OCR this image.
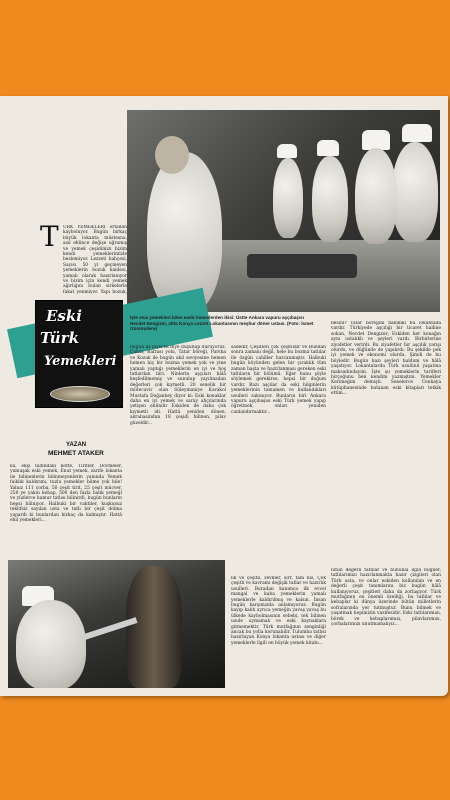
T ÜRK YEMEKLERİ ortadan kayboluyor. Bugün birkaç büyük lokanta müstesna, asıl ehlince değişe uğramış ve yemek çeşidimizi bizim kendi yemeklerimizle beslemiyor. Lezzeti bahçesi, Sayısı 50 yi geçmeyen yemeklerin bozuk kaidesi, yamalı olarak hazırlanıyor ve bizim için kendi yemek ağırlığını bulan sirkelerle fakat yenmiyor. Yapı bozuk,
Eski
Türk
Yemekleri
İşte esaı yemekleri bilen eadir kimselerden ikisi: Üstte Ankara vapuru aşçıbaşısı Necdet Dengizer, altta Konya Lezzet Lokantasının meşhur döner ustası. (Foto: İsmet Gümüşdere)
YAZAN
MEHMET ATAKER
ka, ekşi tadındaki köfte, Tiritler, Dövmeler, yumuşak eski yemek, Enut yemek, zarife lokanta ile bilinenlerin bilinmeyenlerin yanında Yemek faiklık kaldırımı, tuzlu yemekler bilme yok bile! Yalnız 111 çorba, 50 çeşit tirit, 25 çeşit mücver, 250 ye yakın kebap, 500 den fazla balık yemeği ve yüzlerce hamur tatlısı bilinirdi, bugün bunların hepsi biliniyor. Halbuki bir vaktiler, kuşkusuz teklifsiz sayılan usta ve tatlı bir çeşit dolma yapardı ki bunlardan birkaç da kalmıştır. Hattâ ehil yemekleri...
bugün az pişecek diye düşünüp duruyoruz. Çukur, Bafrası yolu, Tatar böreği, Parsha ve Kozak ile bugün akıl seviyesine hemen hemen hiç bir bozma yemek yok ve yine yamalı yaptığı yemeklerin en iyi ve hoş tatlardan biri. Ninlerin aşçıları hâlâ keşfedilmemiş ve sunulup yayılmadan değerleri çok kıymetli. 20 senelik bir mütecavir olan Süleymaniye Karakol Mustafa Doğanbey diyor ki: Eski konaklar daha en iyi yemek ve saray ahçılarında yetişen ehlindir Eskiden de daha çok kıymetli idi. Hattâ yeniden dönen, akrabasından 18 çeşidi bilinen, pilav güzeldir...
sadedir, Çeşitleri çok çeşitlidir ve Bundan sonra zamanı değil, hele bu bozma tatlılar ile özgün cahiller harcanmıştır. Halbuki bugün köyünden gelen bir çıraklık tüm zaman başta ve hazırlanması gereken eski tatlıların bir bölümü. Eğer bunu şöyle söylemek gerekirse, hepsi bir doğum vardır. Bazı aşçılar da eski bilginlerin yemeklerinin tamamen ve kullandıkları usulleri sakınıyor. Bunların biri Ankara vapuru aşçıbaşısı eski Türk yemek yapıp öğretmek, onları yeniden canlandırmaktır...
besini? Tatar böreğini hakikiki bu lokantada vardır. Türkiyede aşçılığı bir ticaret halline sokan, Necdet Dengizer; Eskiden her konağın aynı ustalıklı ve şeyleri vardı. Birbirlerine ziyafetler verirdi. Bu ziyafetler bir aşçılık yarışı olurdu, ve düğünde de yapılırdı. Bu şekilde pek iyi yemek ve ekonomi olurdu. Şimdi de bu böyledir. Bugün bazı şeyleri buldum ve hâlâ yaşatıyor. Lokantalarda Türk usulünü yaşatma maksadındayım. İşte şu yemeklerin tarifleri birçoğunu ben kendim yazmıştım. Yemekler Kerimeğim demişti. Senelerce Cenkaya kütüphanesinde bulunan eski kitapları tetkik ettim...
lık ve çeşitli, zevkler, sırr, tanı nis, Çok çeşitli ve kavramı değişik tatlar ve hazırlık usulleri. Buradan kanımca ilk evvel mangal ve kaba yemeklerin yamalı yemeklerle kaldırılmış ve kalsın. İnsan bugün karşımızda anlamıyoruz. Bugün kayıp kaldı ayrıca yemeğin yavaş yavaş bu ülkede kaybolmasının sebebi, tek bilinen usule uymamak ve eski kaynaklara gitmemektir. Türk mutfağının zenginliği ancak bu yolla korunabilir. Tulumba tatlısı hazırlayan Konya lokanta ustası ve diğer yemeklerle ilgili en büyük yemek kitabı...
lütün değerli tatlılar ve bununla ilgili bilgiler, tatlılarımızı hazırlanmakta hazır çizgileri olan Türk usta, ve onlar eskiden kullanılan ve en değerli çeşit tanımlarını biz bugün hâlâ kullanıyoruz, çeşitleri daha da zorlaşıyor. Türk mutfağının en önemli özelliği, bu tatlılar ve kebaplar ki dünya üzerinde bütün milletlerin sofralarında yer tutmuştur. Bunu bilmek ve yaşatmak hepimizin vazifesidir. Eski tatlılarımızı, börek ve kebaplarımızı, pilavlarımızı, çorbalarımızı unutmamalıyız...
